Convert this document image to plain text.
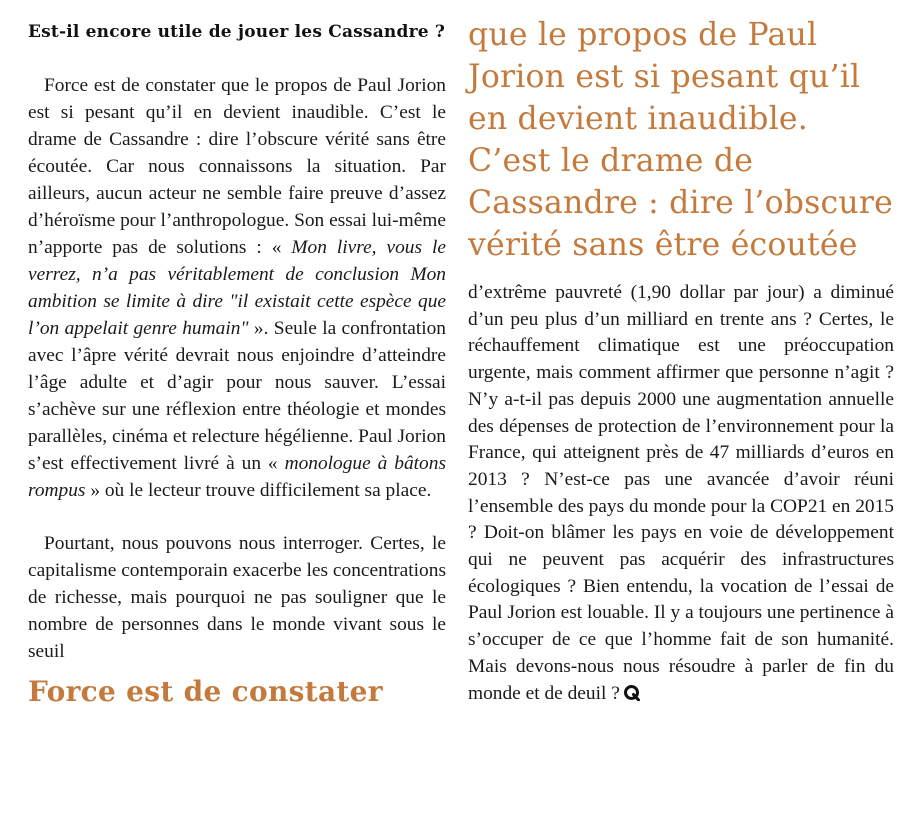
Est-il encore utile de jouer les Cassandre ?

Force est de constater que le propos de Paul Jorion est si pesant qu’il en devient inaudible. C’est le drame de Cassandre : dire l’obscure vérité sans être écoutée. Car nous connaissons la situation. Par ailleurs, aucun acteur ne semble faire preuve d’assez d’héroïsme pour l’anthropologue. Son essai lui-même n’apporte pas de solutions : « Mon livre, vous le verrez, n’a pas véritablement de conclusion Mon ambition se limite à dire "il existait cette espèce que l’on appelait genre humain" ». Seule la confrontation avec l’âpre vérité devrait nous enjoindre d’atteindre l’âge adulte et d’agir pour nous sauver. L’essai s’achève sur une réflexion entre théologie et mondes parallèles, cinéma et relecture hégélienne. Paul Jorion s’est effectivement livré à un « monologue à bâtons rompus » où le lecteur trouve difficilement sa place.

Pourtant, nous pouvons nous interroger. Certes, le capitalisme contemporain exacerbe les concentrations de richesse, mais pourquoi ne pas souligner que le nombre de personnes dans le monde vivant sous le seuil

Force est de constater
que le propos de Paul Jorion est si pesant qu’il en devient inaudible. C’est le drame de Cassandre : dire l’obscure vérité sans être écoutée

d’extrême pauvreté (1,90 dollar par jour) a diminué d’un peu plus d’un milliard en trente ans ? Certes, le réchauffement climatique est une préoccupation urgente, mais comment affirmer que personne n’agit ? N’y a-t-il pas depuis 2000 une augmentation annuelle des dépenses de protection de l’environnement pour la France, qui atteignent près de 47 milliards d’euros en 2013 ? N’est-ce pas une avancée d’avoir réuni l’ensemble des pays du monde pour la COP21 en 2015 ? Doit-on blâmer les pays en voie de développement qui ne peuvent pas acquérir des infrastructures écologiques ? Bien entendu, la vocation de l’essai de Paul Jorion est louable. Il y a toujours une pertinence à s’occuper de ce que l’homme fait de son humanité. Mais devons-nous nous résoudre à parler de fin du monde et de deuil ?
